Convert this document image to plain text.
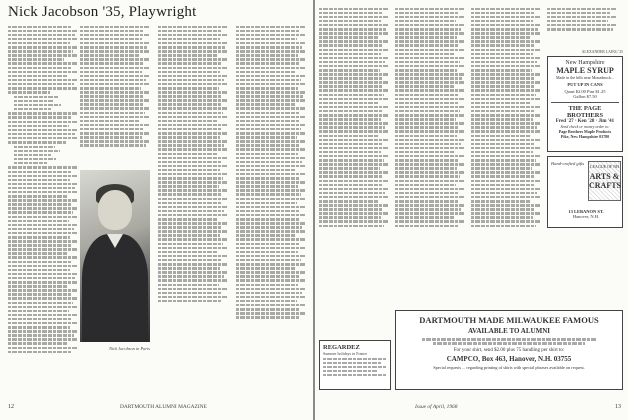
Nick Jacobson '35, Playwright
Nick Jacobson in Paris
12	DARTMOUTH ALUMNI MAGAZINE
ALEXANDER LAING '25
New Hampshire
MAPLE SYRUP
Made in the hills near Monadnock...
PUT UP IN CANS
Quart $2.00 Pint $1.25
Gallon $7.50
THE PAGE BROTHERS
Fred '27 · Ken '28 · Jim '41
Send check or money order to:
Page Brothers Maple Products
Pike, New Hampshire 03780
Hand-crafted gifts
LEAGUE OF NH
ARTS & CRAFTS
13 LEBANON ST.
Hanover, N.H.
DARTMOUTH MADE MILWAUKEE FAMOUS
AVAILABLE TO ALUMNI
For your shirt, send $2.00 plus 75 handling per shirt to:
CAMPCO, Box 463, Hanover, N.H. 03755
Special requests ... regarding printing of shirts with special phrases available on request.
REGARDEZ
Summer holidays in France
Issue of April, 1968	13
